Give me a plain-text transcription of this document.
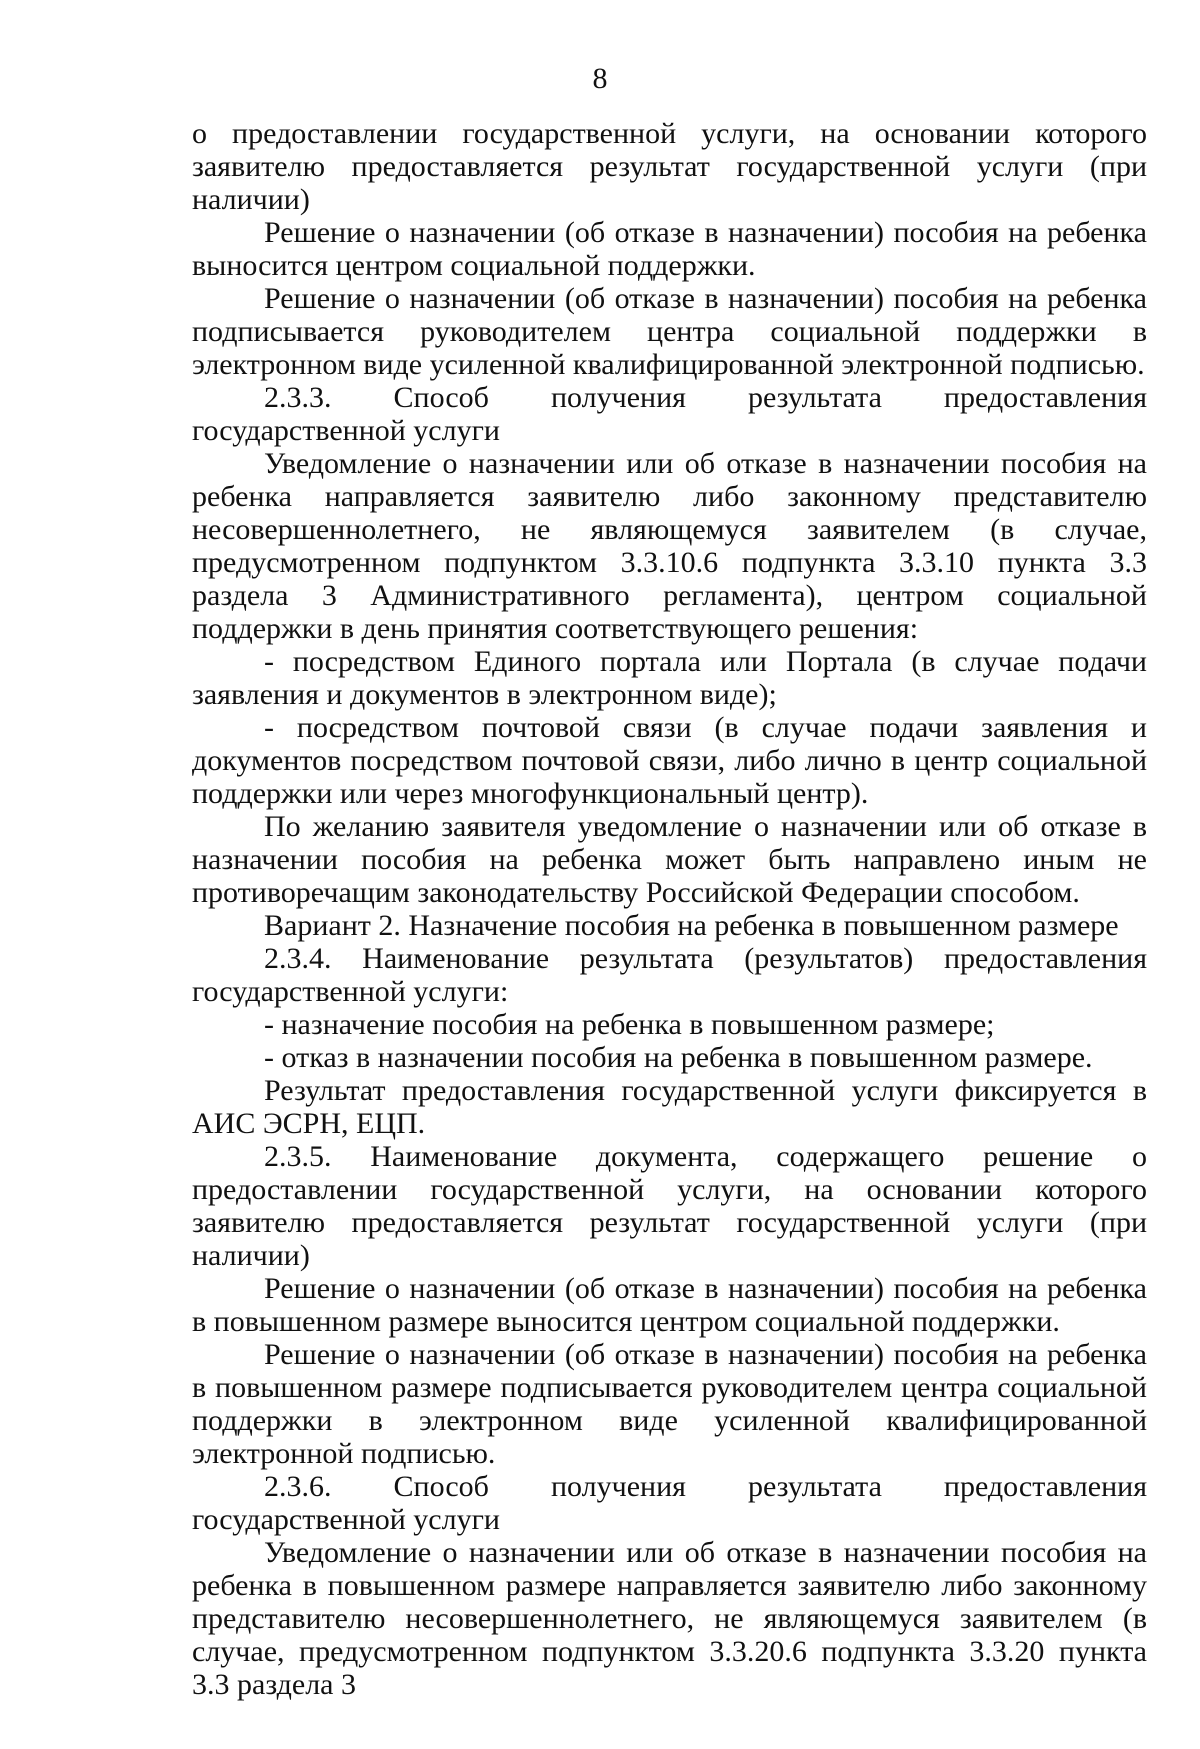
8

о предоставлении государственной услуги, на основании которого заявителю предоставляется результат государственной услуги (при наличии)

Решение о назначении (об отказе в назначении) пособия на ребенка выносится центром социальной поддержки.

Решение о назначении (об отказе в назначении) пособия на ребенка подписывается руководителем центра социальной поддержки в электронном виде усиленной квалифицированной электронной подписью.

2.3.3. Способ получения результата предоставления государственной услуги

Уведомление о назначении или об отказе в назначении пособия на ребенка направляется заявителю либо законному представителю несовершеннолетнего, не являющемуся заявителем (в случае, предусмотренном подпунктом 3.3.10.6 подпункта 3.3.10 пункта 3.3 раздела 3 Административного регламента), центром социальной поддержки в день принятия соответствующего решения:

- посредством Единого портала или Портала (в случае подачи заявления и документов в электронном виде);

- посредством почтовой связи (в случае подачи заявления и документов посредством почтовой связи, либо лично в центр социальной поддержки или через многофункциональный центр).

По желанию заявителя уведомление о назначении или об отказе в назначении пособия на ребенка может быть направлено иным не противоречащим законодательству Российской Федерации способом.

Вариант 2. Назначение пособия на ребенка в повышенном размере

2.3.4. Наименование результата (результатов) предоставления государственной услуги:

- назначение пособия на ребенка в повышенном размере;

- отказ в назначении пособия на ребенка в повышенном размере.

Результат предоставления государственной услуги фиксируется в АИС ЭСРН, ЕЦП.

2.3.5. Наименование документа, содержащего решение о предоставлении государственной услуги, на основании которого заявителю предоставляется результат государственной услуги (при наличии)

Решение о назначении (об отказе в назначении) пособия на ребенка в повышенном размере выносится центром социальной поддержки.

Решение о назначении (об отказе в назначении) пособия на ребенка в повышенном размере подписывается руководителем центра социальной поддержки в электронном виде усиленной квалифицированной электронной подписью.

2.3.6. Способ получения результата предоставления государственной услуги

Уведомление о назначении или об отказе в назначении пособия на ребенка в повышенном размере направляется заявителю либо законному представителю несовершеннолетнего, не являющемуся заявителем (в случае, предусмотренном подпунктом 3.3.20.6 подпункта 3.3.20 пункта 3.3 раздела 3
